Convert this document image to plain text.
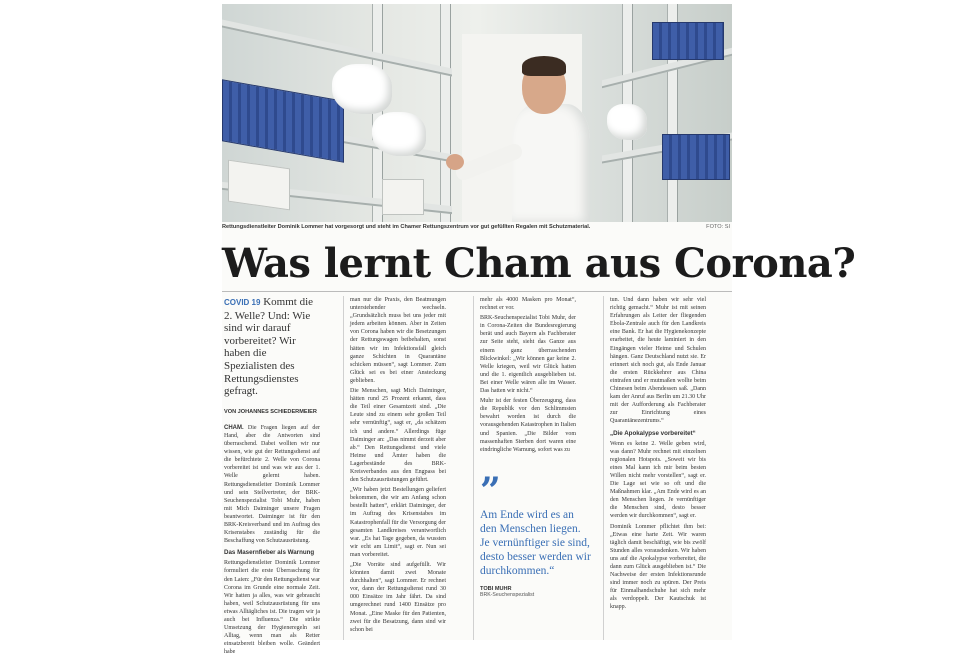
Rettungsdienstleiter Dominik Lommer hat vorgesorgt und steht im Chamer Rettungszentrum vor gut gefüllten Regalen mit Schutzmaterial.	FOTO: SI
Was lernt Cham aus Corona?
COVID 19 Kommt die 2. Welle? Und: Wie sind wir darauf vorbereitet? Wir haben die Spezialisten des Rettungsdienstes gefragt.
VON JOHANNES SCHIEDERMEIER

CHAM. Die Fragen liegen auf der Hand, aber die Antworten sind überraschend. Dabei wollten wir nur wissen, wie gut der Rettungsdienst auf die befürchtete 2. Welle von Corona vorbereitet ist und was wir aus der 1. Welle gelernt haben. Rettungsdienstleiter Dominik Lommer und sein Stellvertreter, der BRK-Seuchenspezialist Tobi Muhr, haben mit Mich Daiminger unsere Fragen beantwortet. Daiminger ist für den BRK-Kreisverband und im Auftrag des Krisenstabes zuständig für die Beschaffung von Schutzausrüstung.

Das Masernfieber als Warnung

Rettungsdienstleiter Dominik Lommer formuliert die erste Überraschung für den Laien: „Für den Rettungsdienst war Corona im Grunde eine normale Zeit. Wir hatten ja alles, was wir gebraucht haben, weil Schutzausrüstung für uns etwas Alltägliches ist. Die tragen wir ja auch bei Influenza.“ Die strikte Umsetzung der Hygieneregeln sei Alltag, wenn man als Retter einsatzbereit bleiben wolle. Geändert habe

man nur die Praxis, den Beatmungen unterstehender wechseln. „Grundsätzlich muss bei uns jeder mit jedem arbeiten können. Aber in Zeiten von Corona haben wir die Besetzungen der Rettungswagen beibehalten, sonst hätten wir im Infektionsfall gleich ganze Schichten in Quarantäne schicken müssen“, sagt Lommer. Zum Glück sei es bei einer Ansteckung geblieben.

Die Menschen, sagt Mich Daiminger, hätten rund 25 Prozent erkannt, dass die Teil einer Gesamtzeit sind. „Die Leute sind zu einem sehr großen Teil sehr vernünftig“, sagt er, „da schätzen ich und andere.“ Allerdings füge Daiminger an: „Das nimmt derzeit aber ab.“ Den Rettungsdienst und viele Heime und Ämter haben die Lagerbestände des BRK-Kreisverbandes aus den Engpass bei den Schutzausrüstungen geführt.

„Wir haben jetzt Bestellungen geliefert bekommen, die wir am Anfang schon bestellt hatten“, erklärt Daiminger, der im Auftrag des Krisenstabes im Katastrophenfall für die Versorgung der gesamten Landkreises verantwortlich war. „Es hat Tage gegeben, da wussten wir echt am Limit“, sagt er. Nun sei man vorbereitet.

„Die Vorräte sind aufgefüllt. Wir könnten damit zwei Monate durchhalten“, sagt Lommer. Er rechnet vor, dann der Rettungsdienst rund 30 000 Einsätze im Jahr fährt. Da sind umgerechnet rund 1400 Einsätze pro Monat. „Eine Maske für den Patienten, zwei für die Besatzung, dann sind wir schon bei

mehr als 4000 Masken pro Monat“, rechnet er vor.

BRK-Seuchenspezialist Tobi Muhr, der in Corona-Zeiten die Bundesregierung berät und auch Bayern als Fachberater zur Seite steht, sieht das Ganze aus einem ganz überraschenden Blickwinkel: „Wir können gar keine 2. Welle kriegen, weil wir Glück hatten und die 1. eigentlich ausgeblieben ist. Bei einer Welle wären alle im Wasser. Das hatten wir nicht.“

Muhr ist der festen Überzeugung, dass die Republik vor den Schlimmsten bewahrt worden ist durch die vorausgehenden Katastrophen in Italien und Spanien. „Die Bilder vom massenhaften Sterben dort waren eine eindringliche Warnung, sofort was zu

”
Am Ende wird es an den Menschen liegen. Je vernünftiger sie sind, desto besser werden wir durchkommen.“
TOBI MUHR
BRK-Seuchenspezialist

tun. Und dann haben wir sehr viel richtig gemacht.“ Muhr ist mit seinen Erfahrungen als Leiter der fliegenden Ebola-Zentrale auch für den Landkreis eine Bank. Er hat die Hygienekonzepte erarbeitet, die heute laminiert in den Eingängen vieler Heime und Schulen hängen. Ganz Deutschland nutzt sie. Er erinnert sich noch gut, als Ende Januar die ersten Rückkehrer aus China eintrafen und er mutmaßen wollte beim Chinesen beim Abendessen saß. „Dann kam der Anruf aus Berlin um 21.30 Uhr mit der Aufforderung als Fachberater zur Einrichtung eines Quarantänezentrums.“

„Die Apokalypse vorbereitet“

Wenn es keine 2. Welle geben wird, was dann? Muhr rechnet mit einzelnen regionalen Hotspots. „Soweit wir bis eines Mal kann ich mir beim besten Willen nicht mehr vorstellen“, sagt er. Die Lage sei wie so oft und die Maßnahmen klar. „Am Ende wird es an den Menschen liegen. Je vernünftiger die Menschen sind, desto besser werden wir durchkommen“, sagt er.

Dominik Lommer pflichtet ihm bei: „Etwas eine harte Zeit. Wir waren täglich damit beschäftigt, wie bis zwölf Stunden alles vorausdenken. Wir haben uns auf die Apokalypse vorbereitet, die dann zum Glück ausgeblieben ist.“ Die Nachweise der ersten Infektionsrunde sind immer noch zu spüren. Der Preis für Einmalhandschuhe hat sich mehr als verdoppelt. Der Kautschuk ist knapp.
